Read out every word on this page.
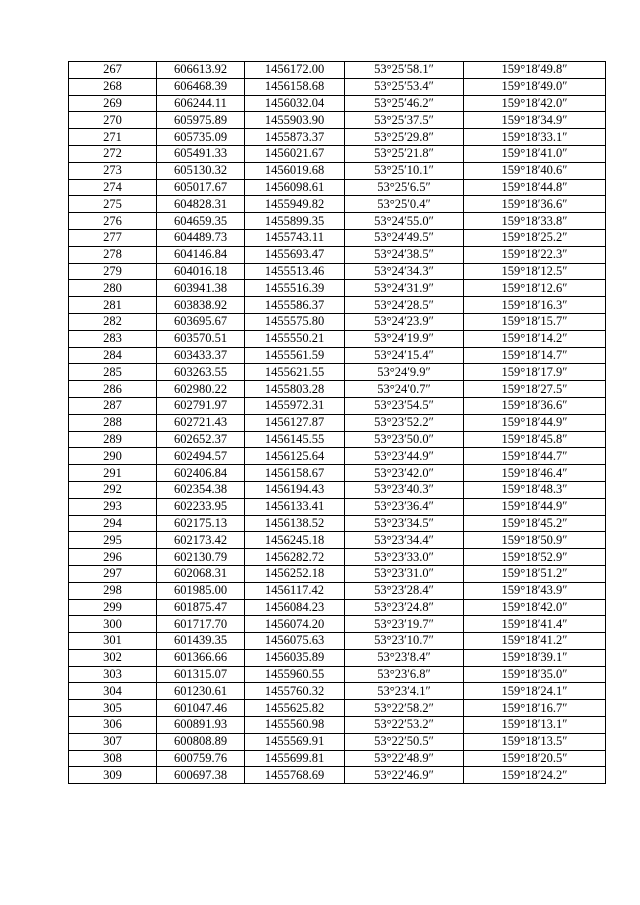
267	606613.92	1456172.00	53°25′58.1″	159°18′49.8″
268	606468.39	1456158.68	53°25′53.4″	159°18′49.0″
269	606244.11	1456032.04	53°25′46.2″	159°18′42.0″
270	605975.89	1455903.90	53°25′37.5″	159°18′34.9″
271	605735.09	1455873.37	53°25′29.8″	159°18′33.1″
272	605491.33	1456021.67	53°25′21.8″	159°18′41.0″
273	605130.32	1456019.68	53°25′10.1″	159°18′40.6″
274	605017.67	1456098.61	53°25′6.5″	159°18′44.8″
275	604828.31	1455949.82	53°25′0.4″	159°18′36.6″
276	604659.35	1455899.35	53°24′55.0″	159°18′33.8″
277	604489.73	1455743.11	53°24′49.5″	159°18′25.2″
278	604146.84	1455693.47	53°24′38.5″	159°18′22.3″
279	604016.18	1455513.46	53°24′34.3″	159°18′12.5″
280	603941.38	1455516.39	53°24′31.9″	159°18′12.6″
281	603838.92	1455586.37	53°24′28.5″	159°18′16.3″
282	603695.67	1455575.80	53°24′23.9″	159°18′15.7″
283	603570.51	1455550.21	53°24′19.9″	159°18′14.2″
284	603433.37	1455561.59	53°24′15.4″	159°18′14.7″
285	603263.55	1455621.55	53°24′9.9″	159°18′17.9″
286	602980.22	1455803.28	53°24′0.7″	159°18′27.5″
287	602791.97	1455972.31	53°23′54.5″	159°18′36.6″
288	602721.43	1456127.87	53°23′52.2″	159°18′44.9″
289	602652.37	1456145.55	53°23′50.0″	159°18′45.8″
290	602494.57	1456125.64	53°23′44.9″	159°18′44.7″
291	602406.84	1456158.67	53°23′42.0″	159°18′46.4″
292	602354.38	1456194.43	53°23′40.3″	159°18′48.3″
293	602233.95	1456133.41	53°23′36.4″	159°18′44.9″
294	602175.13	1456138.52	53°23′34.5″	159°18′45.2″
295	602173.42	1456245.18	53°23′34.4″	159°18′50.9″
296	602130.79	1456282.72	53°23′33.0″	159°18′52.9″
297	602068.31	1456252.18	53°23′31.0″	159°18′51.2″
298	601985.00	1456117.42	53°23′28.4″	159°18′43.9″
299	601875.47	1456084.23	53°23′24.8″	159°18′42.0″
300	601717.70	1456074.20	53°23′19.7″	159°18′41.4″
301	601439.35	1456075.63	53°23′10.7″	159°18′41.2″
302	601366.66	1456035.89	53°23′8.4″	159°18′39.1″
303	601315.07	1455960.55	53°23′6.8″	159°18′35.0″
304	601230.61	1455760.32	53°23′4.1″	159°18′24.1″
305	601047.46	1455625.82	53°22′58.2″	159°18′16.7″
306	600891.93	1455560.98	53°22′53.2″	159°18′13.1″
307	600808.89	1455569.91	53°22′50.5″	159°18′13.5″
308	600759.76	1455699.81	53°22′48.9″	159°18′20.5″
309	600697.38	1455768.69	53°22′46.9″	159°18′24.2″
